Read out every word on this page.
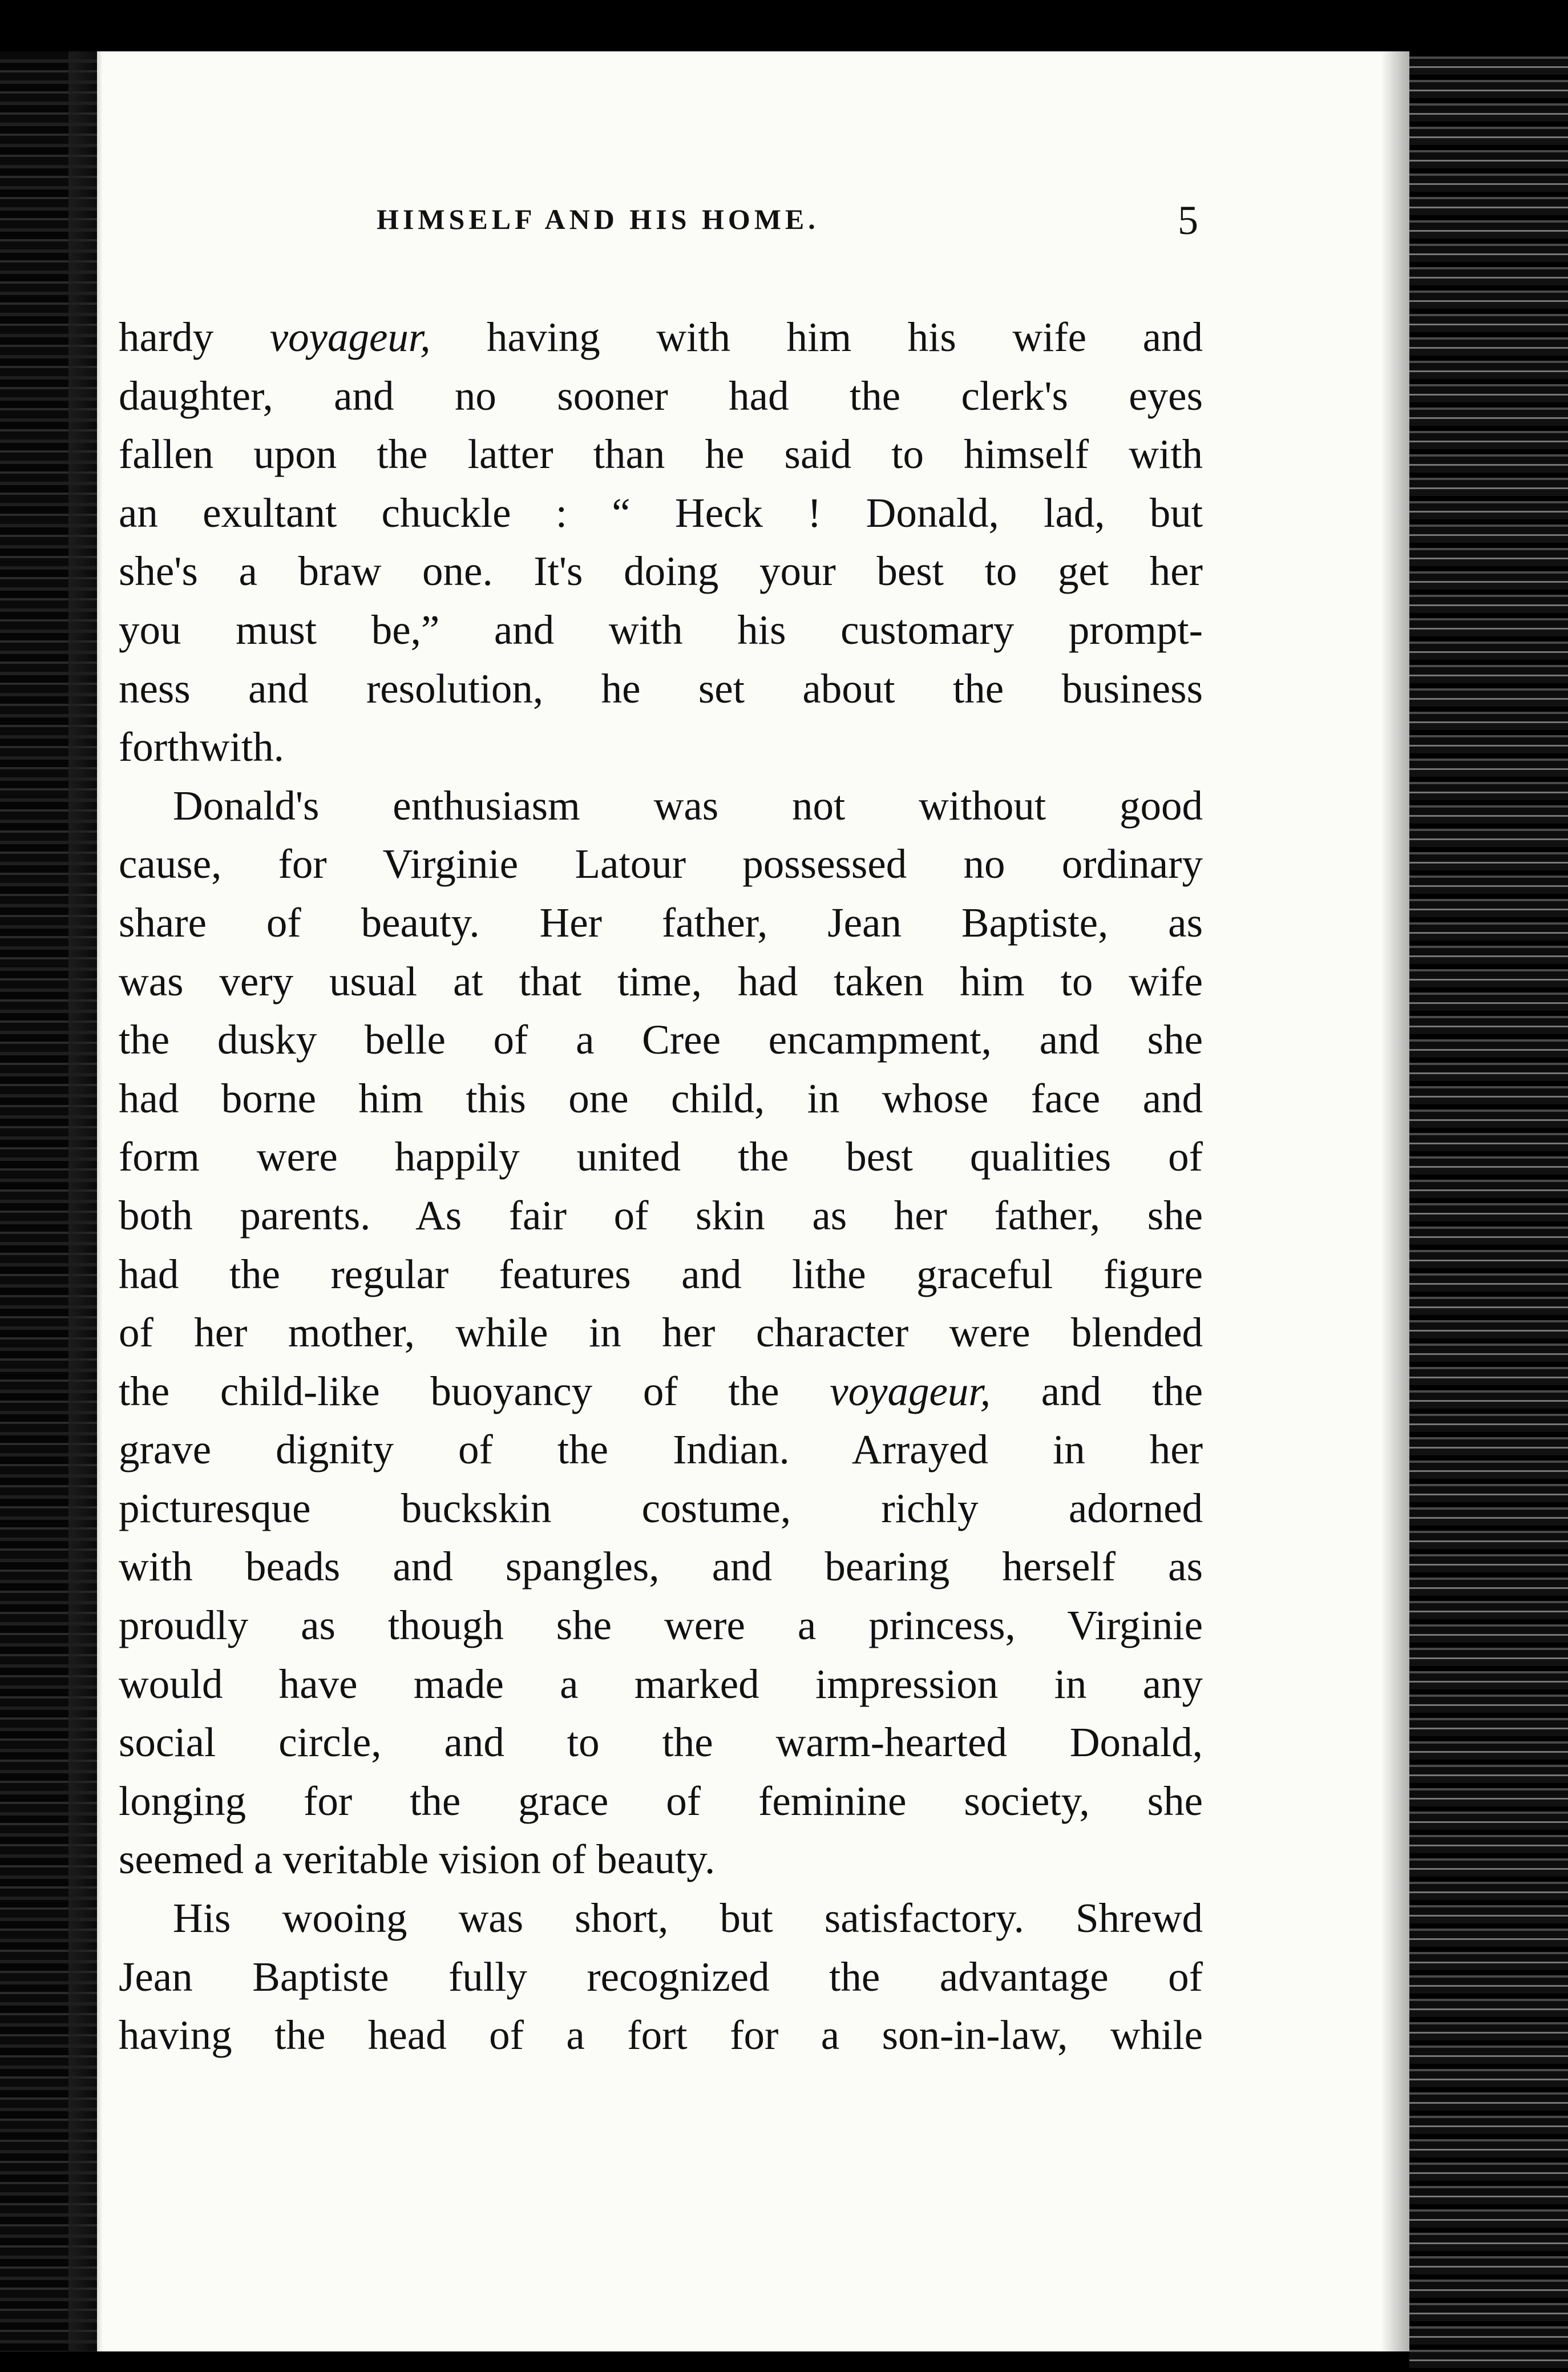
HIMSELF AND HIS HOME.	5
hardy voyageur, having with him his wife and
daughter, and no sooner had the clerk's eyes
fallen upon the latter than he said to himself with
an exultant chuckle : “ Heck ! Donald, lad, but
she's a braw one. It's doing your best to get her
you must be,” and with his customary prompt-
ness and resolution, he set about the business
forthwith.
Donald's enthusiasm was not without good
cause, for Virginie Latour possessed no ordinary
share of beauty. Her father, Jean Baptiste, as
was very usual at that time, had taken him to wife
the dusky belle of a Cree encampment, and she
had borne him this one child, in whose face and
form were happily united the best qualities of
both parents. As fair of skin as her father, she
had the regular features and lithe graceful figure
of her mother, while in her character were blended
the child-like buoyancy of the voyageur, and the
grave dignity of the Indian. Arrayed in her
picturesque buckskin costume, richly adorned
with beads and spangles, and bearing herself as
proudly as though she were a princess, Virginie
would have made a marked impression in any
social circle, and to the warm-hearted Donald,
longing for the grace of feminine society, she
seemed a veritable vision of beauty.
His wooing was short, but satisfactory. Shrewd
Jean Baptiste fully recognized the advantage of
having the head of a fort for a son-in-law, while
